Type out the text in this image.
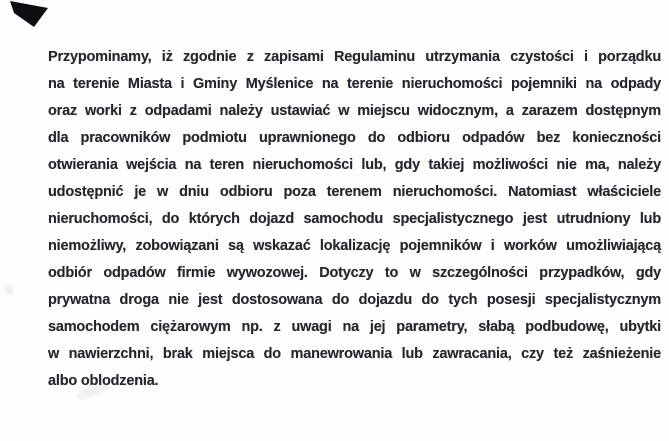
Przypominamy, iż zgodnie z zapisami Regulaminu utrzymania czystości i porządku
na terenie Miasta i Gminy Myślenice na terenie nieruchomości pojemniki na odpady
oraz worki z odpadami należy ustawiać w miejscu widocznym, a zarazem dostępnym
dla pracowników podmiotu uprawnionego do odbioru odpadów bez konieczności
otwierania wejścia na teren nieruchomości lub, gdy takiej możliwości nie ma, należy
udostępnić je w dniu odbioru poza terenem nieruchomości. Natomiast właściciele
nieruchomości, do których dojazd samochodu specjalistycznego jest utrudniony lub
niemożliwy, zobowiązani są wskazać lokalizację pojemników i worków umożliwiającą
odbiór odpadów firmie wywozowej. Dotyczy to w szczególności przypadków, gdy
prywatna droga nie jest dostosowana do dojazdu do tych posesji specjalistycznym
samochodem ciężarowym np. z uwagi na jej parametry, słabą podbudowę, ubytki
w nawierzchni, brak miejsca do manewrowania lub zawracania, czy też zaśnieżenie
albo oblodzenia.
